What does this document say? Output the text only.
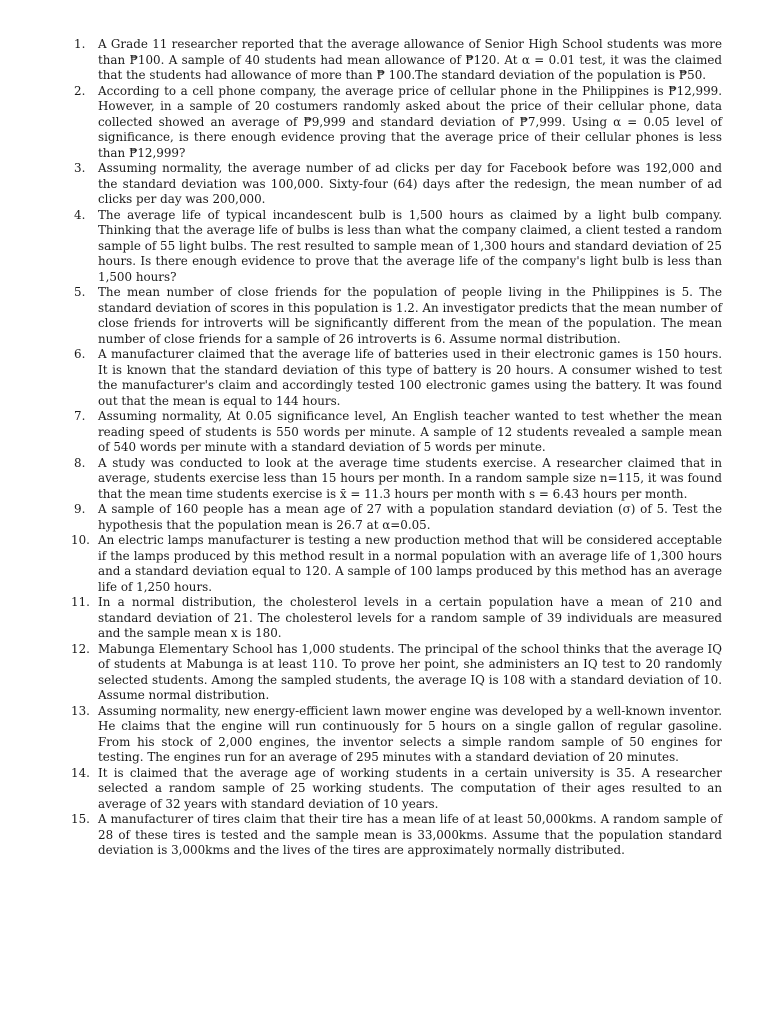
1.	A Grade 11 researcher reported that the average allowance of Senior High School students was more than ₱100. A sample of 40 students had mean allowance of ₱120. At α = 0.01 test, it was the claimed that the students had allowance of more than ₱ 100.The standard deviation of the population is ₱50.
2.	According to a cell phone company, the average price of cellular phone in the Philippines is ₱12,999. However, in a sample of 20 costumers randomly asked about the price of their cellular phone, data collected showed an average of ₱9,999 and standard deviation of ₱7,999. Using α = 0.05 level of significance, is there enough evidence proving that the average price of their cellular phones is less than ₱12,999?
3.	Assuming normality, the average number of ad clicks per day for Facebook before was 192,000 and the standard deviation was 100,000. Sixty-four (64) days after the redesign, the mean number of ad clicks per day was 200,000.
4.	The average life of typical incandescent bulb is 1,500 hours as claimed by a light bulb company. Thinking that the average life of bulbs is less than what the company claimed, a client tested a random sample of 55 light bulbs. The rest resulted to sample mean of 1,300 hours and standard deviation of 25 hours. Is there enough evidence to prove that the average life of the company's light bulb is less than 1,500 hours?
5.	The mean number of close friends for the population of people living in the Philippines is 5. The standard deviation of scores in this population is 1.2. An investigator predicts that the mean number of close friends for introverts will be significantly different from the mean of the population. The mean number of close friends for a sample of 26 introverts is 6. Assume normal distribution.
6.	A manufacturer claimed that the average life of batteries used in their electronic games is 150 hours. It is known that the standard deviation of this type of battery is 20 hours. A consumer wished to test the manufacturer's claim and accordingly tested 100 electronic games using the battery. It was found out that the mean is equal to 144 hours.
7.	Assuming normality, At 0.05 significance level, An English teacher wanted to test whether the mean reading speed of students is 550 words per minute. A sample of 12 students revealed a sample mean of 540 words per minute with a standard deviation of 5 words per minute.
8.	A study was conducted to look at the average time students exercise. A researcher claimed that in average, students exercise less than 15 hours per month. In a random sample size n=115, it was found that the mean time students exercise is x̄ = 11.3 hours per month with s = 6.43 hours per month.
9.	A sample of 160 people has a mean age of 27 with a population standard deviation (σ) of 5. Test the hypothesis that the population mean is 26.7 at α=0.05.
10. An electric lamps manufacturer is testing a new production method that will be considered acceptable if the lamps produced by this method result in a normal population with an average life of 1,300 hours and a standard deviation equal to 120. A sample of 100 lamps produced by this method has an average life of 1,250 hours.
11. In a normal distribution, the cholesterol levels in a certain population have a mean of 210 and standard deviation of 21. The cholesterol levels for a random sample of 39 individuals are measured and the sample mean x is 180.
12. Mabunga Elementary School has 1,000 students. The principal of the school thinks that the average IQ of students at Mabunga is at least 110. To prove her point, she administers an IQ test to 20 randomly selected students. Among the sampled students, the average IQ is 108 with a standard deviation of 10. Assume normal distribution.
13. Assuming normality, new energy-efficient lawn mower engine was developed by a well-known inventor. He claims that the engine will run continuously for 5 hours on a single gallon of regular gasoline. From his stock of 2,000 engines, the inventor selects a simple random sample of 50 engines for testing. The engines run for an average of 295 minutes with a standard deviation of 20 minutes.
14. It is claimed that the average age of working students in a certain university is 35. A researcher selected a random sample of 25 working students. The computation of their ages resulted to an average of 32 years with standard deviation of 10 years.
15. A manufacturer of tires claim that their tire has a mean life of at least 50,000kms. A random sample of 28 of these tires is tested and the sample mean is 33,000kms. Assume that the population standard deviation is 3,000kms and the lives of the tires are approximately normally distributed.
